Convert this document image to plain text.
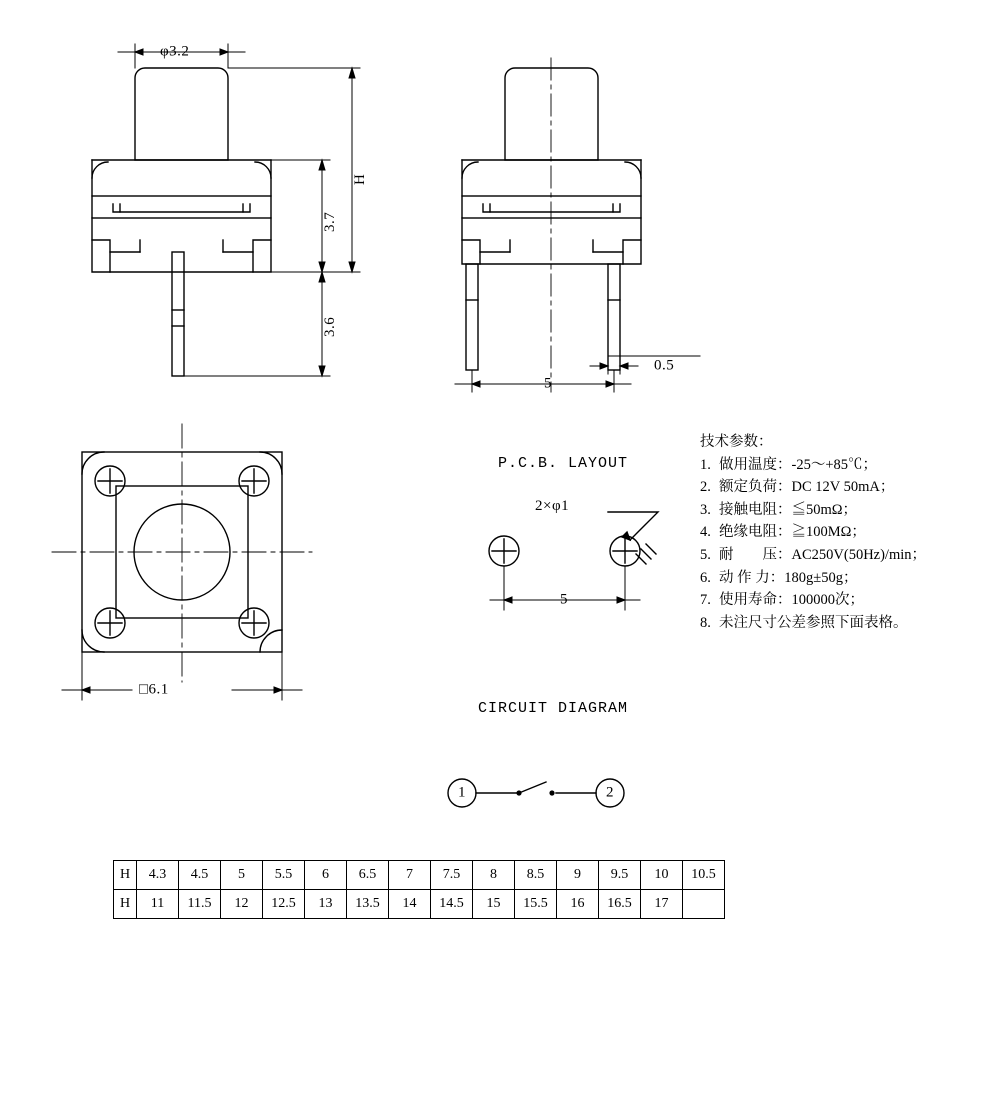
φ3.2
H
3.7
3.6
5
0.5
□6.1
P.C.B. LAYOUT
2×φ1
5
CIRCUIT DIAGRAM
1	2
技术参数：
1. 做用温度：-25～+85℃；
2. 额定负荷：DC 12V 50mA；
3. 接触电阻：≦50mΩ；
4. 绝缘电阻：≧100MΩ；
5. 耐　　压：AC250V(50Hz)/min；
6. 动 作 力：180g±50g；
7. 使用寿命：100000次；
8. 未注尺寸公差参照下面表格。
H	4.3	4.5	5	5.5	6	6.5	7	7.5	8	8.5	9	9.5	10	10.5
H	11	11.5	12	12.5	13	13.5	14	14.5	15	15.5	16	16.5	17	
